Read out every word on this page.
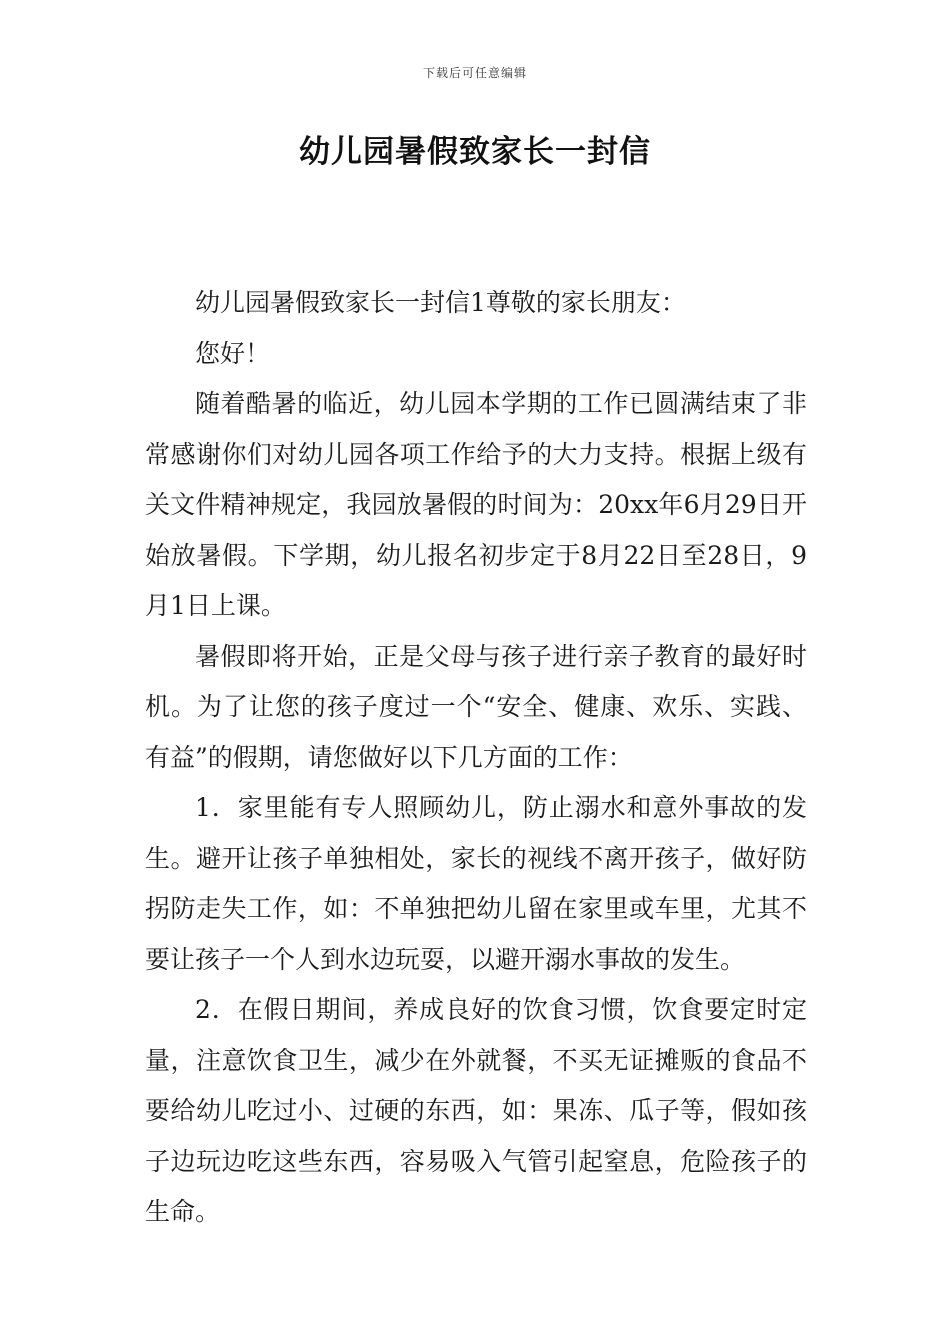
下载后可任意编辑
幼儿园暑假致家长一封信

幼儿园暑假致家长一封信1尊敬的家长朋友：

您好！

随着酷暑的临近，幼儿园本学期的工作已圆满结束了非常感谢你们对幼儿园各项工作给予的大力支持。根据上级有关文件精神规定，我园放暑假的时间为：20xx年6月29日开始放暑假。下学期，幼儿报名初步定于8月22日至28日，9月1日上课。

暑假即将开始，正是父母与孩子进行亲子教育的最好时机。为了让您的孩子度过一个“安全、健康、欢乐、实践、有益”的假期，请您做好以下几方面的工作：

1．家里能有专人照顾幼儿，防止溺水和意外事故的发生。避开让孩子单独相处，家长的视线不离开孩子，做好防拐防走失工作，如：不单独把幼儿留在家里或车里，尤其不要让孩子一个人到水边玩耍，以避开溺水事故的发生。

2．在假日期间，养成良好的饮食习惯，饮食要定时定量，注意饮食卫生，减少在外就餐，不买无证摊贩的食品不要给幼儿吃过小、过硬的东西，如：果冻、瓜子等，假如孩子边玩边吃这些东西，容易吸入气管引起窒息，危险孩子的生命。
